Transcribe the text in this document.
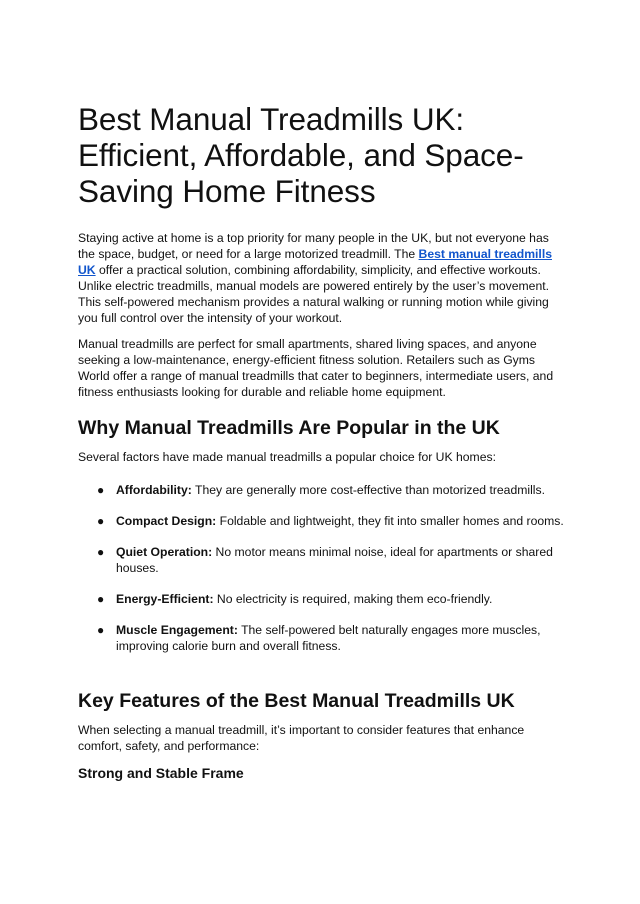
Best Manual Treadmills UK: Efficient, Affordable, and Space-Saving Home Fitness

Staying active at home is a top priority for many people in the UK, but not everyone has the space, budget, or need for a large motorized treadmill. The Best manual treadmills UK offer a practical solution, combining affordability, simplicity, and effective workouts. Unlike electric treadmills, manual models are powered entirely by the user’s movement. This self-powered mechanism provides a natural walking or running motion while giving you full control over the intensity of your workout.

Manual treadmills are perfect for small apartments, shared living spaces, and anyone seeking a low-maintenance, energy-efficient fitness solution. Retailers such as Gyms World offer a range of manual treadmills that cater to beginners, intermediate users, and fitness enthusiasts looking for durable and reliable home equipment.

Why Manual Treadmills Are Popular in the UK

Several factors have made manual treadmills a popular choice for UK homes:

● Affordability: They are generally more cost-effective than motorized treadmills.
● Compact Design: Foldable and lightweight, they fit into smaller homes and rooms.
● Quiet Operation: No motor means minimal noise, ideal for apartments or shared houses.
● Energy-Efficient: No electricity is required, making them eco-friendly.
● Muscle Engagement: The self-powered belt naturally engages more muscles, improving calorie burn and overall fitness.
Key Features of the Best Manual Treadmills UK

When selecting a manual treadmill, it’s important to consider features that enhance comfort, safety, and performance:

Strong and Stable Frame
